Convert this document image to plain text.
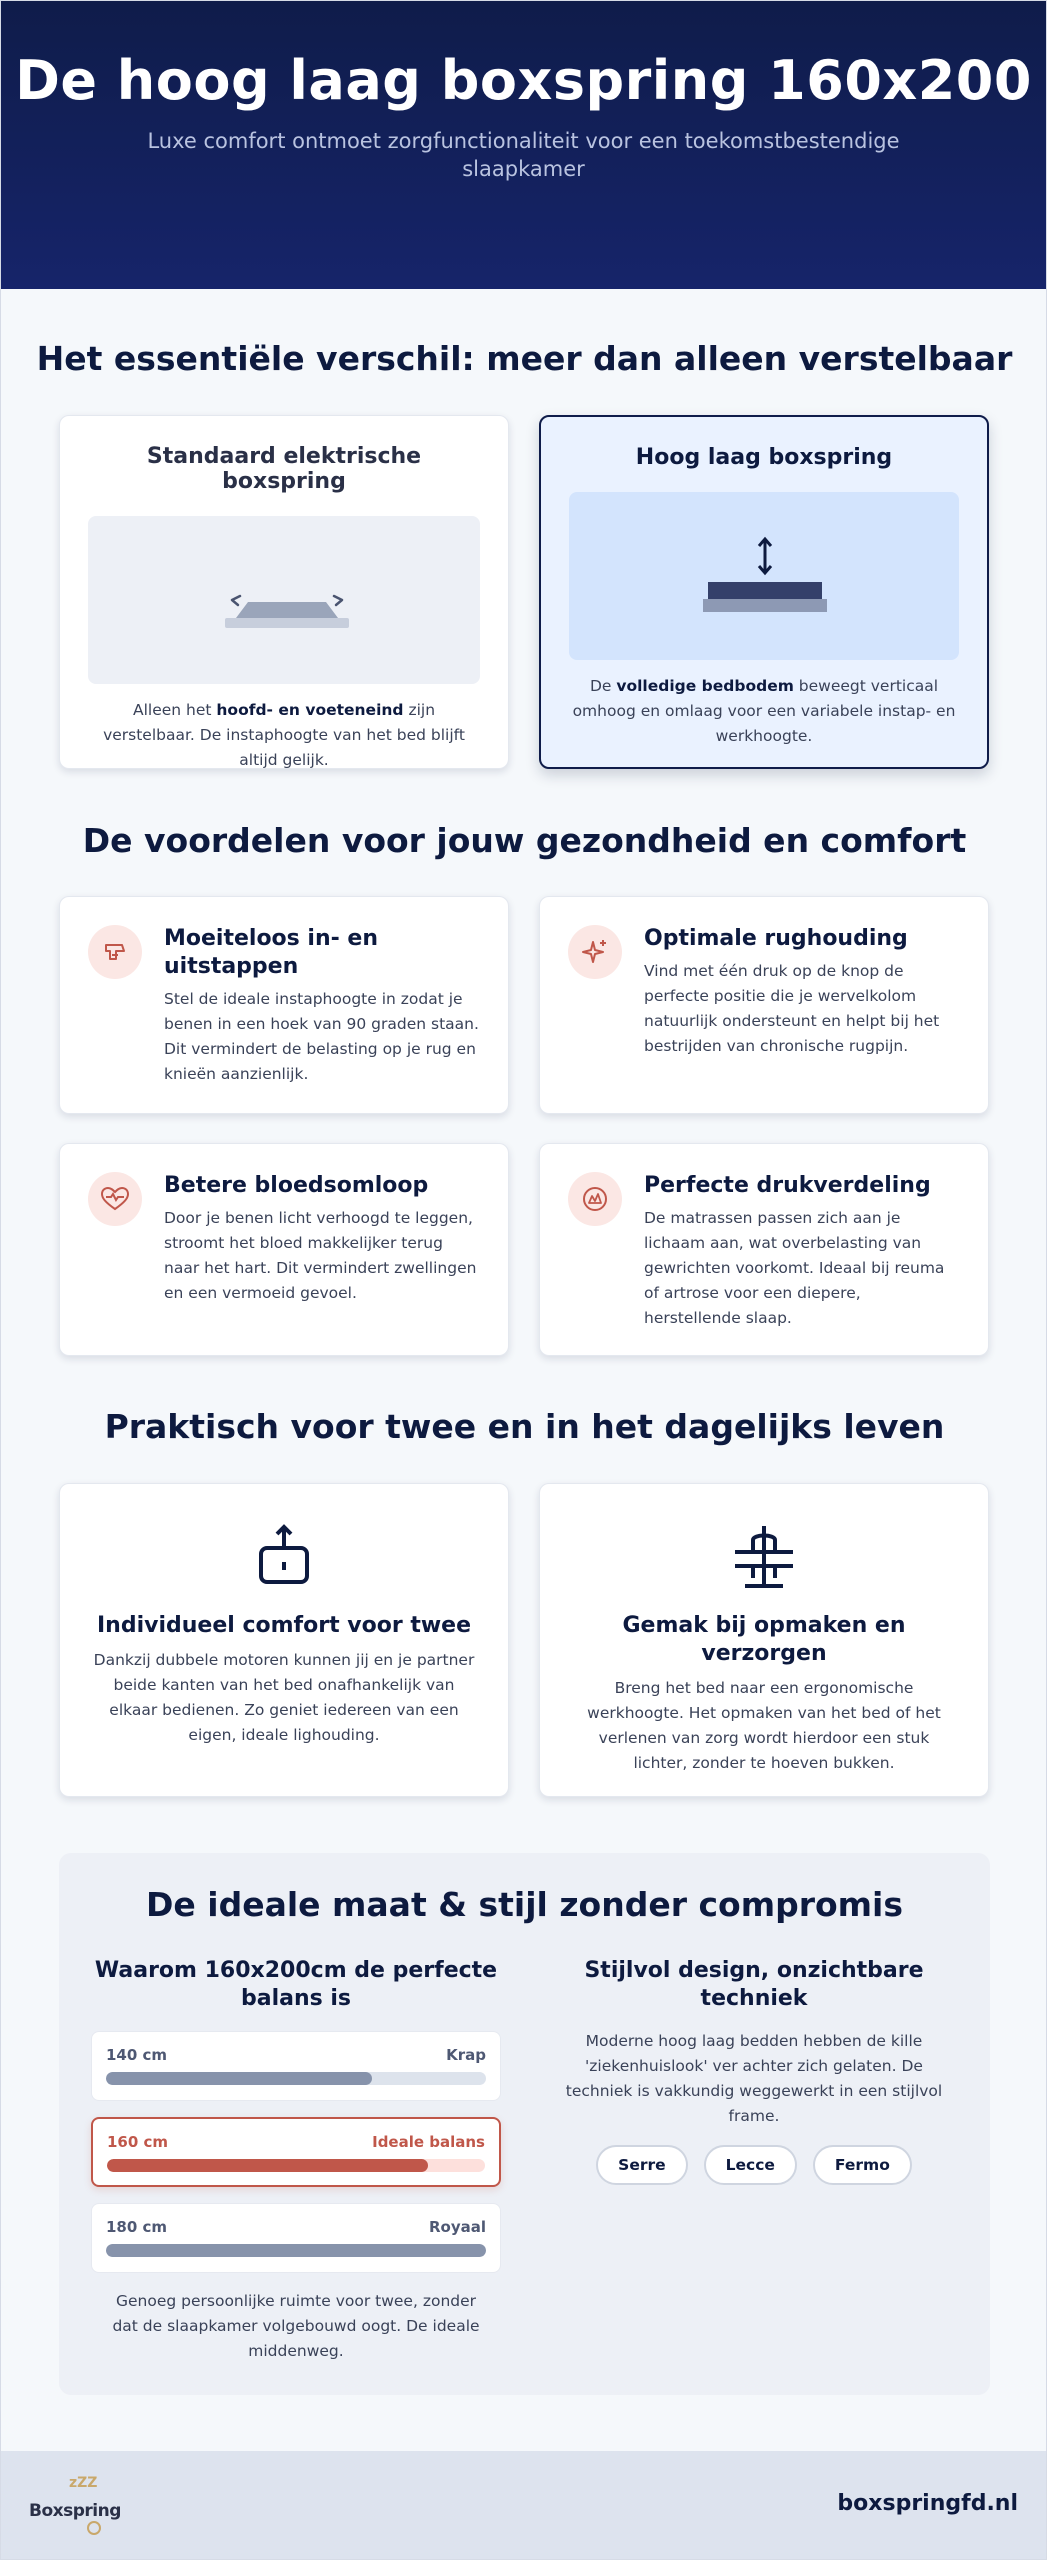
De hoog laag boxspring 160x200
Luxe comfort ontmoet zorgfunctionaliteit voor een toekomstbestendige slaapkamer
Het essentiële verschil: meer dan alleen verstelbaar
Standaard elektrische boxspring

Alleen het hoofd- en voeteneind zijn verstelbaar. De instaphoogte van het bed blijft altijd gelijk.

Hoog laag boxspring

De volledige bedbodem beweegt verticaal omhoog en omlaag voor een variabele instap- en werkhoogte.

De voordelen voor jouw gezondheid en comfort
Moeiteloos in- en uitstappen

Stel de ideale instaphoogte in zodat je benen in een hoek van 90 graden staan. Dit vermindert de belasting op je rug en knieën aanzienlijk.

Optimale rughouding

Vind met één druk op de knop de perfecte positie die je wervelkolom natuurlijk ondersteunt en helpt bij het bestrijden van chronische rugpijn.

Betere bloedsomloop

Door je benen licht verhoogd te leggen, stroomt het bloed makkelijker terug naar het hart. Dit vermindert zwellingen en een vermoeid gevoel.

Perfecte drukverdeling

De matrassen passen zich aan je lichaam aan, wat overbelasting van gewrichten voorkomt. Ideaal bij reuma of artrose voor een diepere, herstellende slaap.

Praktisch voor twee en in het dagelijks leven
Individueel comfort voor twee

Dankzij dubbele motoren kunnen jij en je partner beide kanten van het bed onafhankelijk van elkaar bedienen. Zo geniet iedereen van een eigen, ideale lighouding.

Gemak bij opmaken en verzorgen

Breng het bed naar een ergonomische werkhoogte. Het opmaken van het bed of het verlenen van zorg wordt hierdoor een stuk lichter, zonder te hoeven bukken.

De ideale maat & stijl zonder compromis
Waarom 160x200cm de perfecte balans is
140 cm	Krap
160 cm	Ideale balans
180 cm	Royaal
Genoeg persoonlijke ruimte voor twee, zonder dat de slaapkamer volgebouwd oogt. De ideale middenweg.
Stijlvol design, onzichtbare techniek

Moderne hoog laag bedden hebben de kille 'ziekenhuislook' ver achter zich gelaten. De techniek is vakkundig weggewerkt in een stijlvol frame.

Serre	Lecce	Fermo
zZZ
Boxspring	boxspringfd.nl
